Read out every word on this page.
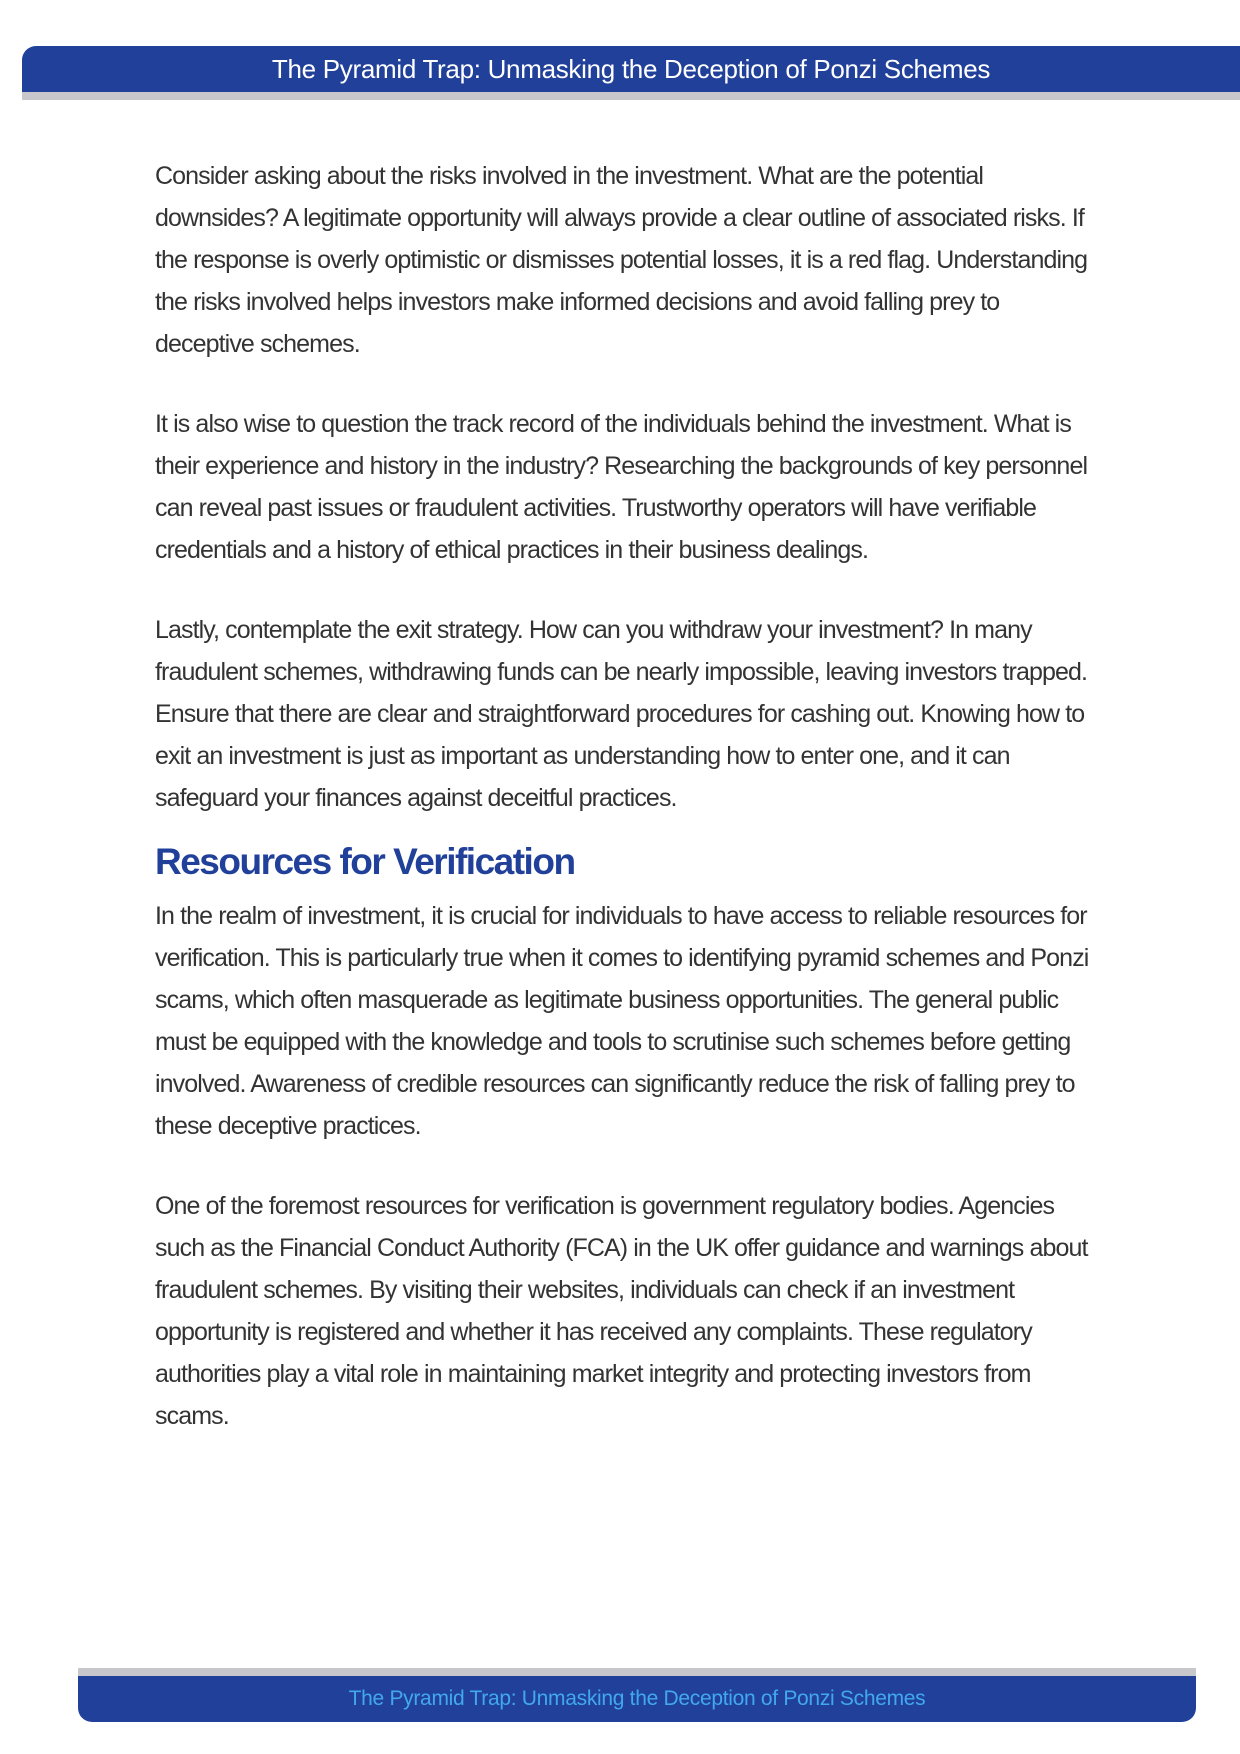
The Pyramid Trap: Unmasking the Deception of Ponzi Schemes

Consider asking about the risks involved in the investment. What are the potential downsides? A legitimate opportunity will always provide a clear outline of associated risks. If the response is overly optimistic or dismisses potential losses, it is a red flag. Understanding the risks involved helps investors make informed decisions and avoid falling prey to deceptive schemes.

It is also wise to question the track record of the individuals behind the investment. What is their experience and history in the industry? Researching the backgrounds of key personnel can reveal past issues or fraudulent activities. Trustworthy operators will have verifiable credentials and a history of ethical practices in their business dealings.

Lastly, contemplate the exit strategy. How can you withdraw your investment? In many fraudulent schemes, withdrawing funds can be nearly impossible, leaving investors trapped. Ensure that there are clear and straightforward procedures for cashing out. Knowing how to exit an investment is just as important as understanding how to enter one, and it can safeguard your finances against deceitful practices.

Resources for Verification

In the realm of investment, it is crucial for individuals to have access to reliable resources for verification. This is particularly true when it comes to identifying pyramid schemes and Ponzi scams, which often masquerade as legitimate business opportunities. The general public must be equipped with the knowledge and tools to scrutinise such schemes before getting involved. Awareness of credible resources can significantly reduce the risk of falling prey to these deceptive practices.

One of the foremost resources for verification is government regulatory bodies. Agencies such as the Financial Conduct Authority (FCA) in the UK offer guidance and warnings about fraudulent schemes. By visiting their websites, individuals can check if an investment opportunity is registered and whether it has received any complaints. These regulatory authorities play a vital role in maintaining market integrity and protecting investors from scams.

The Pyramid Trap: Unmasking the Deception of Ponzi Schemes
